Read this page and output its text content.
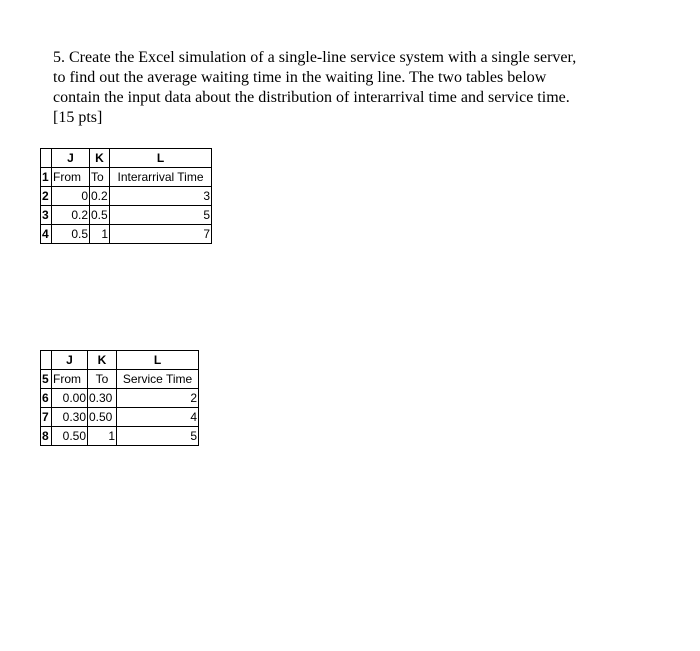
5. Create the Excel simulation of a single-line service system with a single server,
to find out the average waiting time in the waiting line. The two tables below
contain the input data about the distribution of interarrival time and service time.
[15 pts]

	J	K	L
1	From	To	Interarrival Time
2	0	0.2	3
3	0.2	0.5	5
4	0.5	1	7
	J	K	L
5	From	To	Service Time
6	0.00	0.30	2
7	0.30	0.50	4
8	0.50	1	5
